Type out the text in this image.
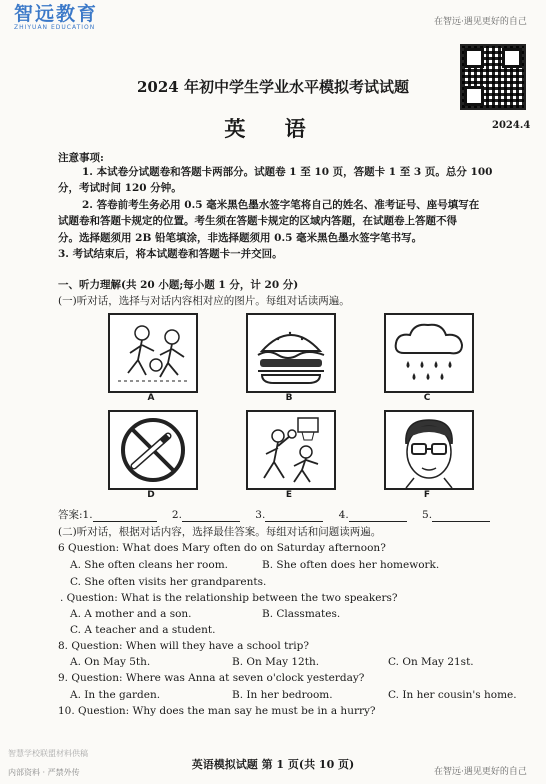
智远教育
ZHIYUAN EDUCATION
在智远·遇见更好的自己
2024 年初中学生学业水平模拟考试试题
英 语	2024.4
注意事项:
1. 本试卷分试题卷和答题卡两部分。试题卷 1 至 10 页，答题卡 1 至 3 页。总分 100
分，考试时间 120 分钟。
2. 答卷前考生务必用 0.5 毫米黑色墨水签字笔将自己的姓名、准考证号、座号填写在
试题卷和答题卡规定的位置。考生须在答题卡规定的区域内答题，在试题卷上答题不得
分。选择题须用 2B 铅笔填涂，非选择题须用 0.5 毫米黑色墨水签字笔书写。
3. 考试结束后，将本试题卷和答题卡一并交回。
一、听力理解(共 20 小题;每小题 1 分，计 20 分)
(一)听对话，选择与对话内容相对应的图片。每组对话读两遍。
A	B	C
D	E	F
答案:1.	2.	3.	4.	5.
(二)听对话，根据对话内容，选择最佳答案。每组对话和问题读两遍。
6 Question: What does Mary often do on Saturday afternoon?
A. She often cleans her room.	B. She often does her homework.
C. She often visits her grandparents.
. Question: What is the relationship between the two speakers?
A. A mother and a son.	B. Classmates.
C. A teacher and a student.
8. Question: When will they have a school trip?
A. On May 5th.	B. On May 12th.	C. On May 21st.
9. Question: Where was Anna at seven o'clock yesterday?
A. In the garden.	B. In her bedroom.	C. In her cousin's home.
10. Question: Why does the man say he must be in a hurry?
英语模拟试题 第 1 页(共 10 页)
智慧学校联盟材料供稿
内部资料 · 严禁外传	在智远·遇见更好的自己
